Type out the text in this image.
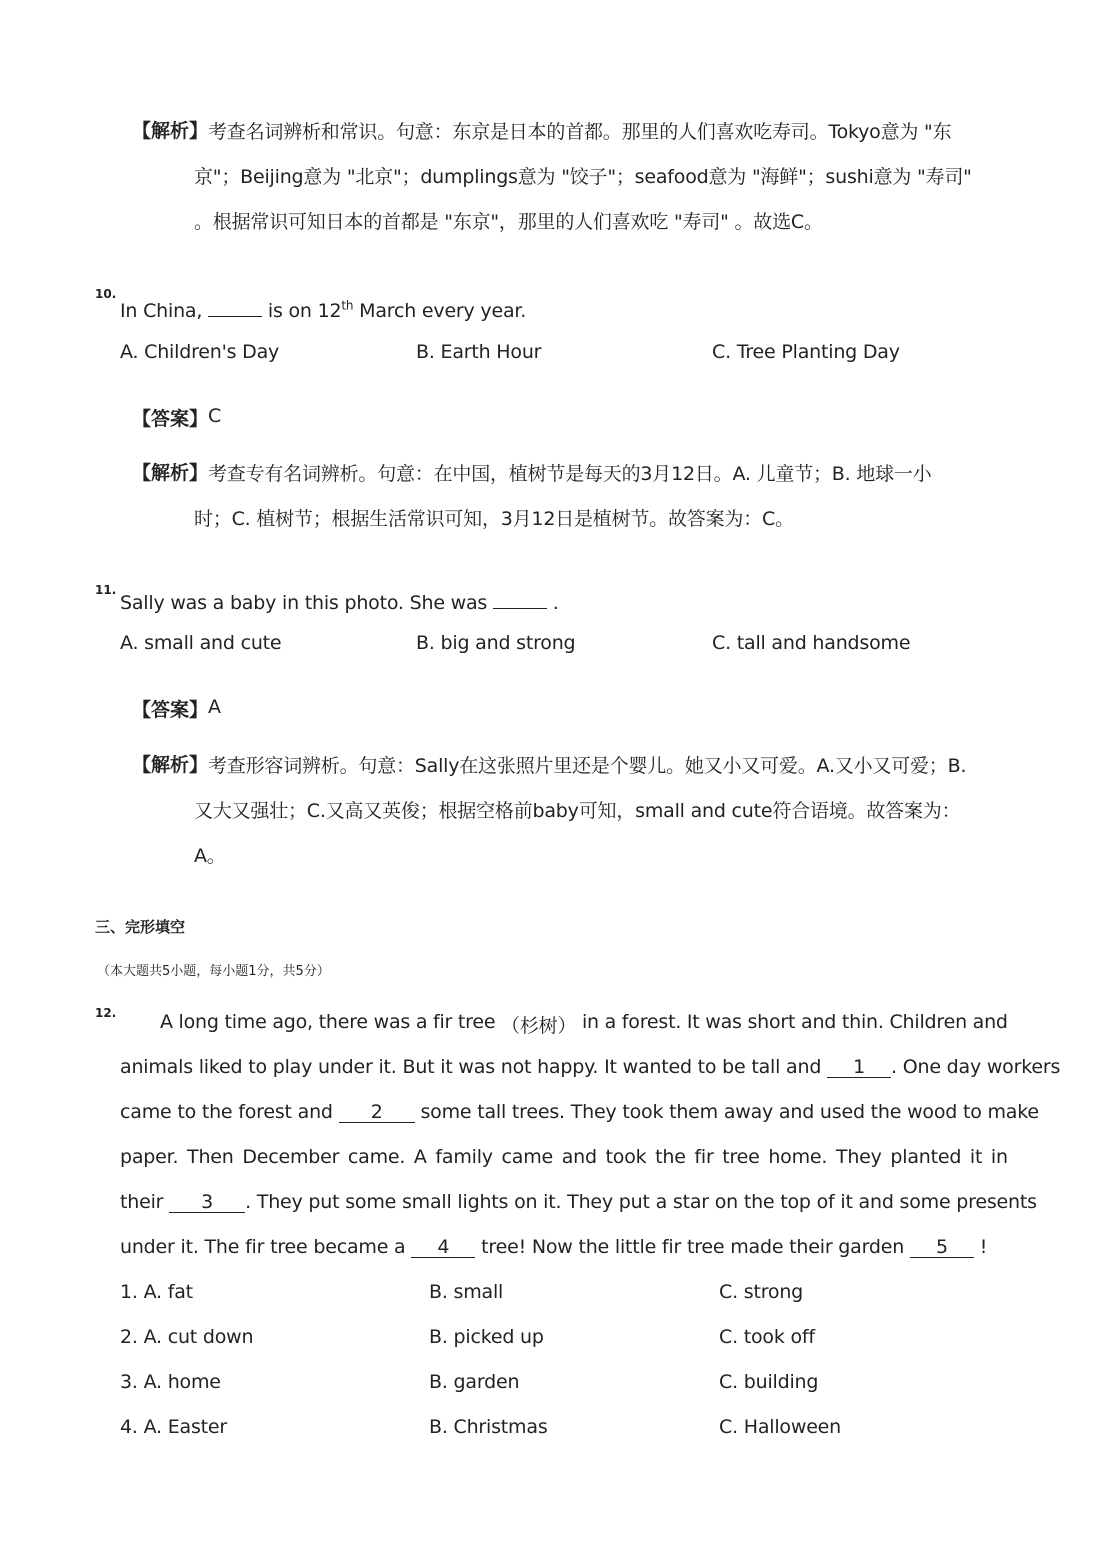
【解析】 考查名词辨析和常识。句意：东京是日本的首都。那里的人们喜欢吃寿司。Tokyo意为 "东
京"；Beijing意为 "北京"；dumplings意为 "饺子"；seafood意为 "海鲜"；sushi意为 "寿司"
。根据常识可知日本的首都是 "东京"，那里的人们喜欢吃 "寿司" 。故选C。
10.
In China,	is on 12th March every year.
A. Children's Day	B. Earth Hour	C. Tree Planting Day
【答案】 C
【解析】 考查专有名词辨析。句意：在中国，植树节是每天的3月12日。A. 儿童节；B. 地球一小
时；C. 植树节；根据生活常识可知，3月12日是植树节。故答案为：C。
11.
Sally was a baby in this photo. She was	.
A. small and cute	B. big and strong	C. tall and handsome
【答案】 A
【解析】 考查形容词辨析。句意：Sally在这张照片里还是个婴儿。她又小又可爱。A.又小又可爱；B.
又大又强壮；C.又高又英俊；根据空格前baby可知，small and cute符合语境。故答案为：
A。
三、完形填空
（本大题共5小题，每小题1分，共5分）
12. A long time ago, there was a fir tree （杉树） in a forest. It was short and thin. Children and
animals liked to play under it. But it was not happy. It wanted to be tall and 1 . One day workers
came to the forest and 2 some tall trees. They took them away and used the wood to make
paper. Then December came. A family came and took the fir tree home. They planted it in
their 3 . They put some small lights on it. They put a star on the top of it and some presents
under it. The fir tree became a 4 tree! Now the little fir tree made their garden 5 !
1. A. fat	B. small	C. strong
2. A. cut down	B. picked up	C. took off
3. A. home	B. garden	C. building
4. A. Easter	B. Christmas	C. Halloween
